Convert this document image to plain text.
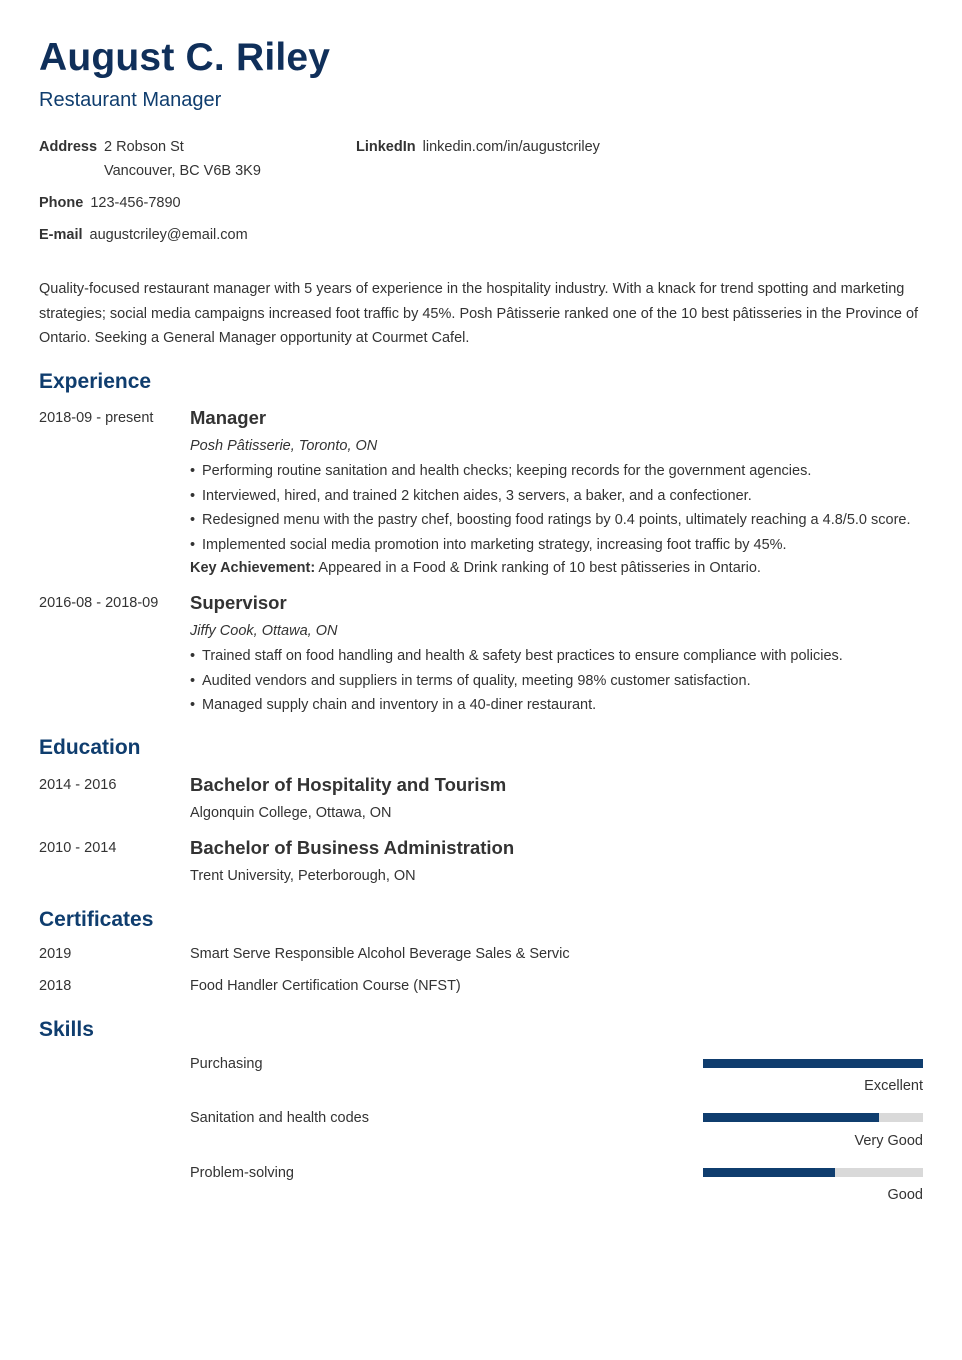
August C. Riley
Restaurant Manager
Address 2 Robson St
Vancouver, BC V6B 3K9
LinkedIn linkedin.com/in/augustcriley
Phone 123-456-7890
E-mail augustcriley@email.com
Quality-focused restaurant manager with 5 years of experience in the hospitality industry. With a knack for trend spotting and marketing strategies; social media campaigns increased foot traffic by 45%. Posh Pâtisserie ranked one of the 10 best pâtisseries in the Province of Ontario. Seeking a General Manager opportunity at Courmet Cafel.
Experience
2018-09 - present Manager
Posh Pâtisserie, Toronto, ON
• Performing routine sanitation and health checks; keeping records for the government agencies.
• Interviewed, hired, and trained 2 kitchen aides, 3 servers, a baker, and a confectioner.
• Redesigned menu with the pastry chef, boosting food ratings by 0.4 points, ultimately reaching a 4.8/5.0 score.
• Implemented social media promotion into marketing strategy, increasing foot traffic by 45%.
Key Achievement: Appeared in a Food & Drink ranking of 10 best pâtisseries in Ontario.
2016-08 - 2018-09 Supervisor
Jiffy Cook, Ottawa, ON
• Trained staff on food handling and health & safety best practices to ensure compliance with policies.
• Audited vendors and suppliers in terms of quality, meeting 98% customer satisfaction.
• Managed supply chain and inventory in a 40-diner restaurant.
Education
2014 - 2016	Bachelor of Hospitality and Tourism
Algonquin College, Ottawa, ON
2010 - 2014	Bachelor of Business Administration
Trent University, Peterborough, ON
Certificates
2019	Smart Serve Responsible Alcohol Beverage Sales & Servic
2018	Food Handler Certification Course (NFST)
Skills
Purchasing
Excellent
Sanitation and health codes
Very Good
Problem-solving
Good
